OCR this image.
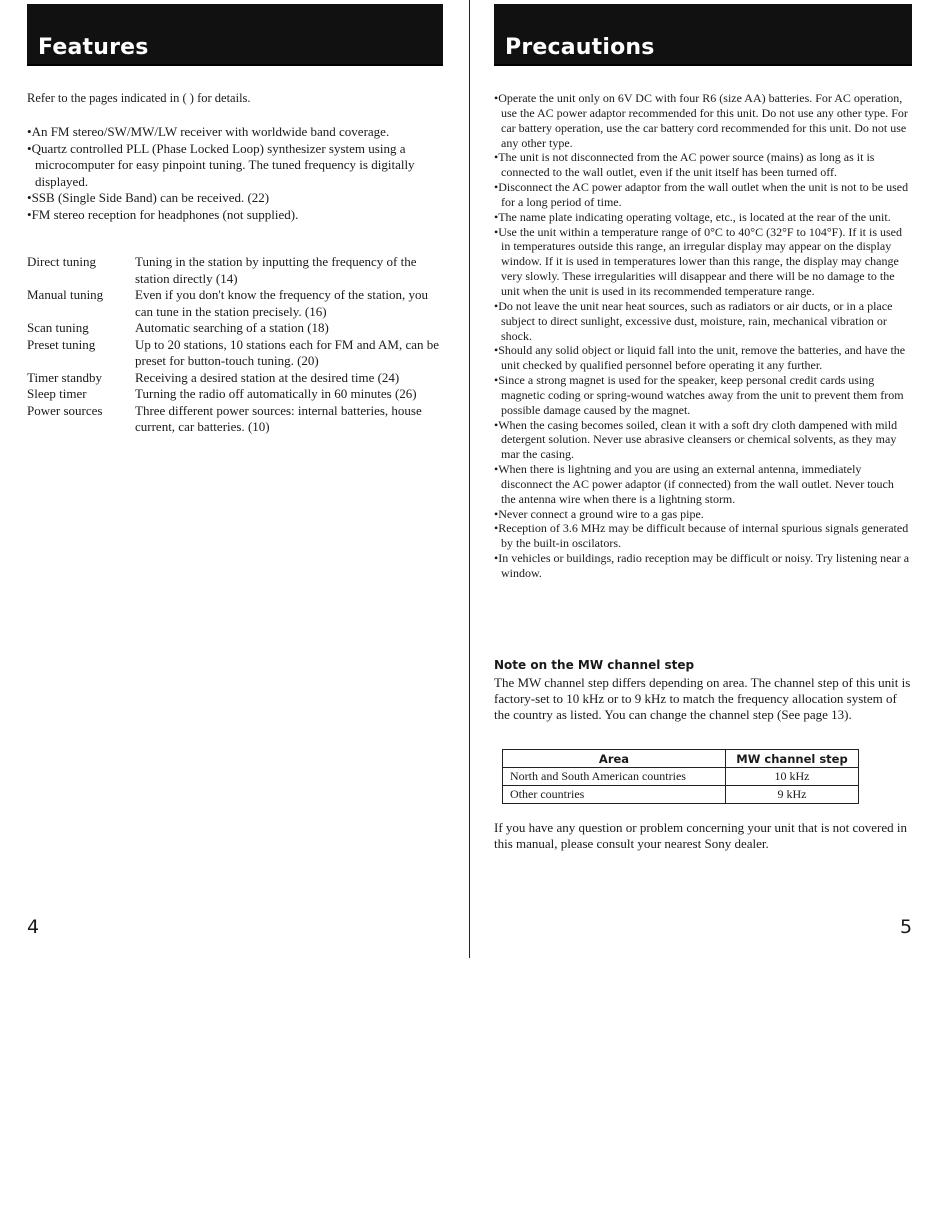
Features
Refer to the pages indicated in ( ) for details.
• An FM stereo/SW/MW/LW receiver with worldwide band coverage.
• Quartz controlled PLL (Phase Locked Loop) synthesizer system using a microcomputer for easy pinpoint tuning. The tuned frequency is digitally displayed.
• SSB (Single Side Band) can be received. (22)
• FM stereo reception for headphones (not supplied).
Direct tuning	Tuning in the station by inputting the frequency of the station directly (14)
Manual tuning	Even if you don't know the frequency of the station, you can tune in the station precisely. (16)
Scan tuning	Automatic searching of a station (18)
Preset tuning	Up to 20 stations, 10 stations each for FM and AM, can be preset for button-touch tuning. (20)
Timer standby	Receiving a desired station at the desired time (24)
Sleep timer	Turning the radio off automatically in 60 minutes (26)
Power sources	Three different power sources: internal batteries, house current, car batteries. (10)
4
Precautions
• Operate the unit only on 6V DC with four R6 (size AA) batteries. For AC operation, use the AC power adaptor recommended for this unit. Do not use any other type. For car battery operation, use the car battery cord recommended for this unit. Do not use any other type.
• The unit is not disconnected from the AC power source (mains) as long as it is connected to the wall outlet, even if the unit itself has been turned off.
• Disconnect the AC power adaptor from the wall outlet when the unit is not to be used for a long period of time.
• The name plate indicating operating voltage, etc., is located at the rear of the unit.
• Use the unit within a temperature range of 0°C to 40°C (32°F to 104°F). If it is used in temperatures outside this range, an irregular display may appear on the display window. If it is used in temperatures lower than this range, the display may change very slowly. These irregularities will disappear and there will be no damage to the unit when the unit is used in its recommended temperature range.
• Do not leave the unit near heat sources, such as radiators or air ducts, or in a place subject to direct sunlight, excessive dust, moisture, rain, mechanical vibration or shock.
• Should any solid object or liquid fall into the unit, remove the batteries, and have the unit checked by qualified personnel before operating it any further.
• Since a strong magnet is used for the speaker, keep personal credit cards using magnetic coding or spring-wound watches away from the unit to prevent them from possible damage caused by the magnet.
• When the casing becomes soiled, clean it with a soft dry cloth dampened with mild detergent solution. Never use abrasive cleansers or chemical solvents, as they may mar the casing.
• When there is lightning and you are using an external antenna, immediately disconnect the AC power adaptor (if connected) from the wall outlet. Never touch the antenna wire when there is a lightning storm.
• Never connect a ground wire to a gas pipe.
• Reception of 3.6 MHz may be difficult because of internal spurious signals generated by the built-in oscilators.
• In vehicles or buildings, radio reception may be difficult or noisy. Try listening near a window.
Note on the MW channel step
The MW channel step differs depending on area. The channel step of this unit is factory-set to 10 kHz or to 9 kHz to match the frequency allocation system of the country as listed. You can change the channel step (See page 13).
Area	MW channel step
North and South American countries	10 kHz
Other countries	9 kHz
If you have any question or problem concerning your unit that is not covered in this manual, please consult your nearest Sony dealer.
5
